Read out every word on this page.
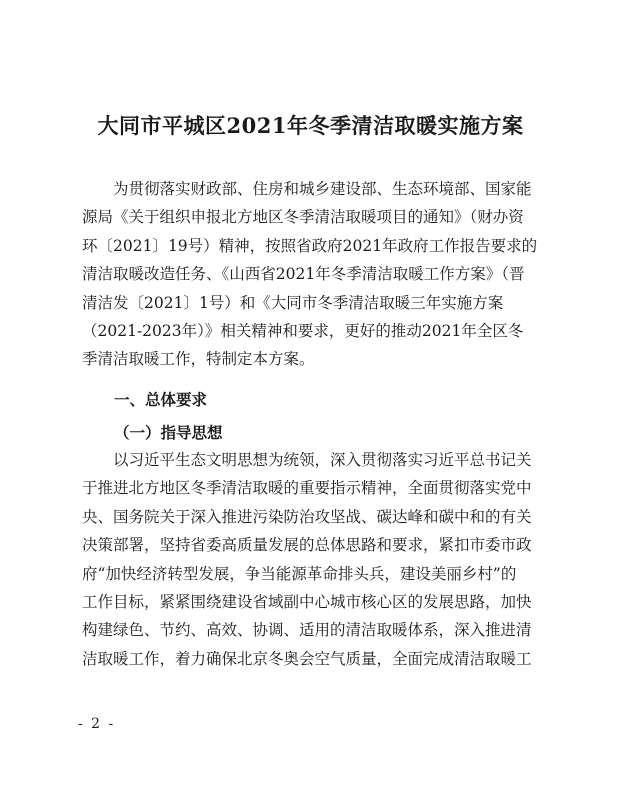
大同市平城区2021年冬季清洁取暖实施方案

　　为贯彻落实财政部、住房和城乡建设部、生态环境部、国家能
源局《关于组织申报北方地区冬季清洁取暖项目的通知》（财办资
环〔2021〕19号）精神，按照省政府2021年政府工作报告要求的
清洁取暖改造任务、《山西省2021年冬季清洁取暖工作方案》（晋
清洁发〔2021〕1号）和《大同市冬季清洁取暖三年实施方案
（2021-2023年）》相关精神和要求，更好的推动2021年全区冬
季清洁取暖工作，特制定本方案。

一、总体要求
（一）指导思想

　　以习近平生态文明思想为统领，深入贯彻落实习近平总书记关
于推进北方地区冬季清洁取暖的重要指示精神，全面贯彻落实党中
央、国务院关于深入推进污染防治攻坚战、碳达峰和碳中和的有关
决策部署，坚持省委高质量发展的总体思路和要求，紧扣市委市政
府“加快经济转型发展，争当能源革命排头兵，建设美丽乡村”的
工作目标，紧紧围绕建设省域副中心城市核心区的发展思路，加快
构建绿色、节约、高效、协调、适用的清洁取暖体系，深入推进清
洁取暖工作，着力确保北京冬奥会空气质量，全面完成清洁取暖工

- 2 -
